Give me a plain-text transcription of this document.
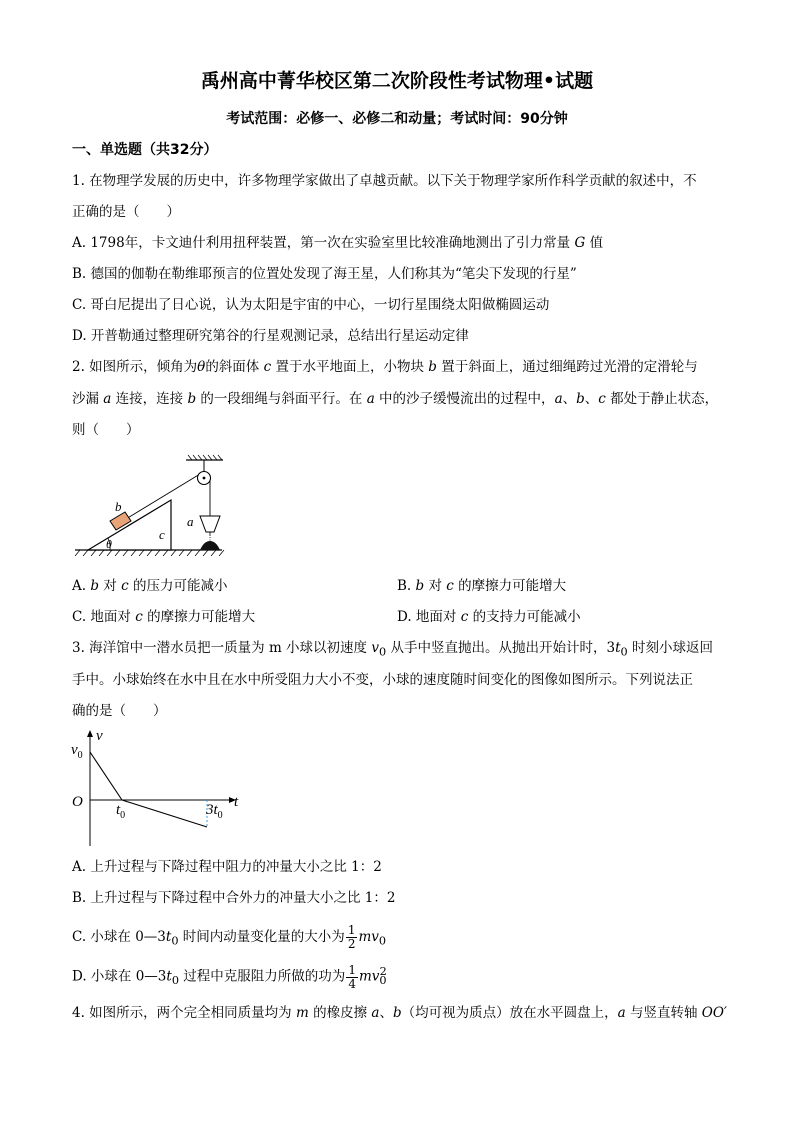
禹州高中菁华校区第二次阶段性考试物理•试题
考试范围：必修一、必修二和动量；考试时间：90分钟
一、单选题（共32分）
1. 在物理学发展的历史中，许多物理学家做出了卓越贡献。以下关于物理学家所作科学贡献的叙述中，不
正确的是（　　）
A. 1798年，卡文迪什利用扭秤装置，第一次在实验室里比较准确地测出了引力常量 G 值
B. 德国的伽勒在勒维耶预言的位置处发现了海王星，人们称其为“笔尖下发现的行星”
C. 哥白尼提出了日心说，认为太阳是宇宙的中心，一切行星围绕太阳做椭圆运动
D. 开普勒通过整理研究第谷的行星观测记录，总结出行星运动定律
2. 如图所示，倾角为θ的斜面体 c 置于水平地面上，小物块 b 置于斜面上，通过细绳跨过光滑的定滑轮与
沙漏 a 连接，连接 b 的一段细绳与斜面平行。在 a 中的沙子缓慢流出的过程中，a、b、c 都处于静止状态，
则（　　）
b
c
a
θ
A. b 对 c 的压力可能减小	B. b 对 c 的摩擦力可能增大
C. 地面对 c 的摩擦力可能增大	D. 地面对 c 的支持力可能减小
3. 海洋馆中一潜水员把一质量为 m 小球以初速度 $v_0$ 从手中竖直抛出。从抛出开始计时，$3t_0$ 时刻小球返回
手中。小球始终在水中且在水中所受阻力大小不变，小球的速度随时间变化的图像如图所示。下列说法正
确的是（　　）
v
t
O
$v_0$
$t_0$	$3t_0$
A. 上升过程与下降过程中阻力的冲量大小之比 1：2
B. 上升过程与下降过程中合外力的冲量大小之比 1：2
C. 小球在 $0—3t_0$ 时间内动量变化量的大小为 $\frac{1}{2} mv_0$
D. 小球在 $0—3t_0$ 过程中克服阻力所做的功为 $\frac{1}{4} mv_0^2$
4. 如图所示，两个完全相同质量均为 m 的橡皮擦 a、b（均可视为质点）放在水平圆盘上，a 与竖直转轴 OO′
